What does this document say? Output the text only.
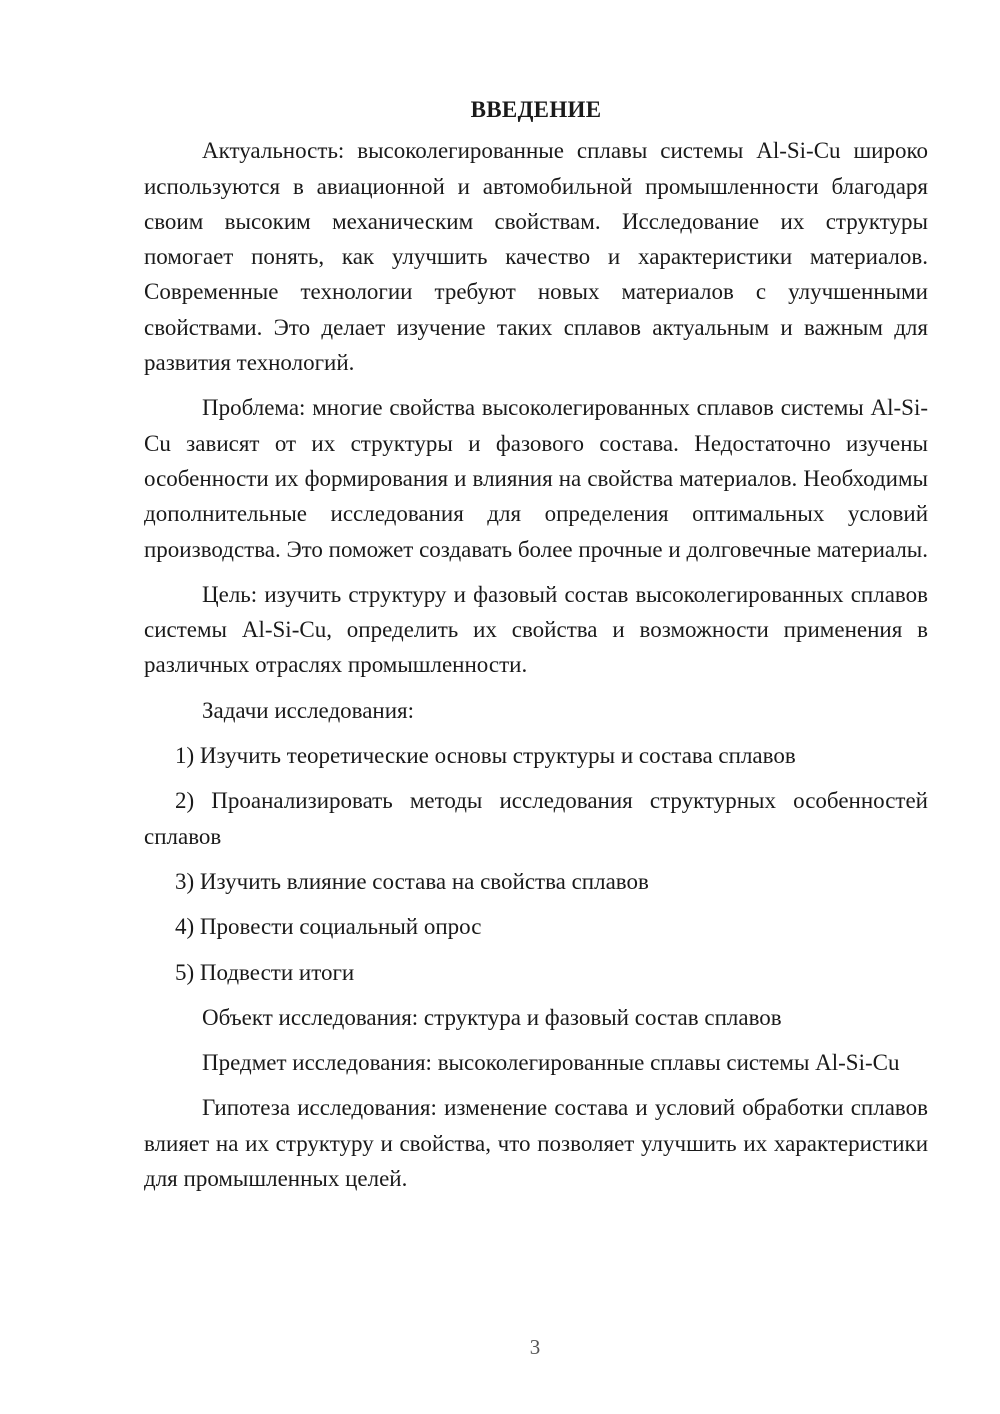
ВВЕДЕНИЕ

Актуальность: высоколегированные сплавы системы Al-Si-Cu широко используются в авиационной и автомобильной промышленности благодаря своим высоким механическим свойствам. Исследование их структуры помогает понять, как улучшить качество и характеристики материалов. Современные технологии требуют новых материалов с улучшенными свойствами. Это делает изучение таких сплавов актуальным и важным для развития технологий.

Проблема: многие свойства высоколегированных сплавов системы Al-Si-Cu зависят от их структуры и фазового состава. Недостаточно изучены особенности их формирования и влияния на свойства материалов. Необходимы дополнительные исследования для определения оптимальных условий производства. Это поможет создавать более прочные и долговечные материалы.

Цель: изучить структуру и фазовый состав высоколегированных сплавов системы Al-Si-Cu, определить их свойства и возможности применения в различных отраслях промышленности.

Задачи исследования:

1) Изучить теоретические основы структуры и состава сплавов

2) Проанализировать методы исследования структурных особенностей сплавов

3) Изучить влияние состава на свойства сплавов

4) Провести социальный опрос

5) Подвести итоги

Объект исследования: структура и фазовый состав сплавов

Предмет исследования: высоколегированные сплавы системы Al-Si-Cu

Гипотеза исследования: изменение состава и условий обработки сплавов влияет на их структуру и свойства, что позволяет улучшить их характеристики для промышленных целей.

3
